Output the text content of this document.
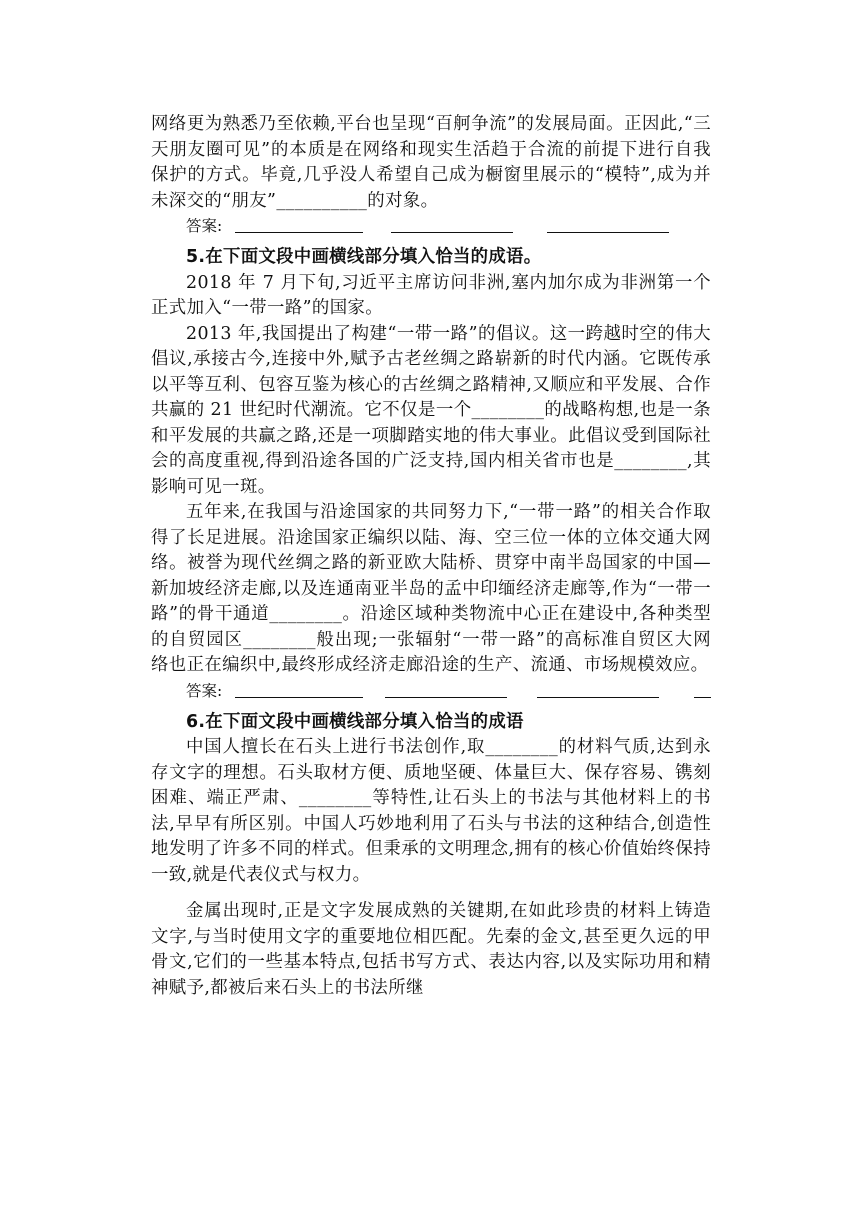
网络更为熟悉乃至依赖,平台也呈现“百舸争流”的发展局面。正因此,“三天朋友圈可见”的本质是在网络和现实生活趋于合流的前提下进行自我保护的方式。毕竟,几乎没人希望自己成为橱窗里展示的“模特”,成为并未深交的“朋友”__________的对象。

答案:

5.在下面文段中画横线部分填入恰当的成语。

2018 年 7 月下旬,习近平主席访问非洲,塞内加尔成为非洲第一个正式加入“一带一路”的国家。

2013 年,我国提出了构建“一带一路”的倡议。这一跨越时空的伟大倡议,承接古今,连接中外,赋予古老丝绸之路崭新的时代内涵。它既传承以平等互利、包容互鉴为核心的古丝绸之路精神,又顺应和平发展、合作共赢的 21 世纪时代潮流。它不仅是一个________的战略构想,也是一条和平发展的共赢之路,还是一项脚踏实地的伟大事业。此倡议受到国际社会的高度重视,得到沿途各国的广泛支持,国内相关省市也是________,其影响可见一斑。

五年来,在我国与沿途国家的共同努力下,“一带一路”的相关合作取得了长足进展。沿途国家正编织以陆、海、空三位一体的立体交通大网络。被誉为现代丝绸之路的新亚欧大陆桥、贯穿中南半岛国家的中国—新加坡经济走廊,以及连通南亚半岛的孟中印缅经济走廊等,作为“一带一路”的骨干通道________。沿途区域种类物流中心正在建设中,各种类型的自贸园区________般出现;一张辐射“一带一路”的高标准自贸区大网络也正在编织中,最终形成经济走廊沿途的生产、流通、市场规模效应。

答案:

6.在下面文段中画横线部分填入恰当的成语

中国人擅长在石头上进行书法创作,取________的材料气质,达到永存文字的理想。石头取材方便、质地坚硬、体量巨大、保存容易、镌刻困难、端正严肃、________等特性,让石头上的书法与其他材料上的书法,早早有所区别。中国人巧妙地利用了石头与书法的这种结合,创造性地发明了许多不同的样式。但秉承的文明理念,拥有的核心价值始终保持一致,就是代表仪式与权力。

金属出现时,正是文字发展成熟的关键期,在如此珍贵的材料上铸造文字,与当时使用文字的重要地位相匹配。先秦的金文,甚至更久远的甲骨文,它们的一些基本特点,包括书写方式、表达内容,以及实际功用和精神赋予,都被后来石头上的书法所继
